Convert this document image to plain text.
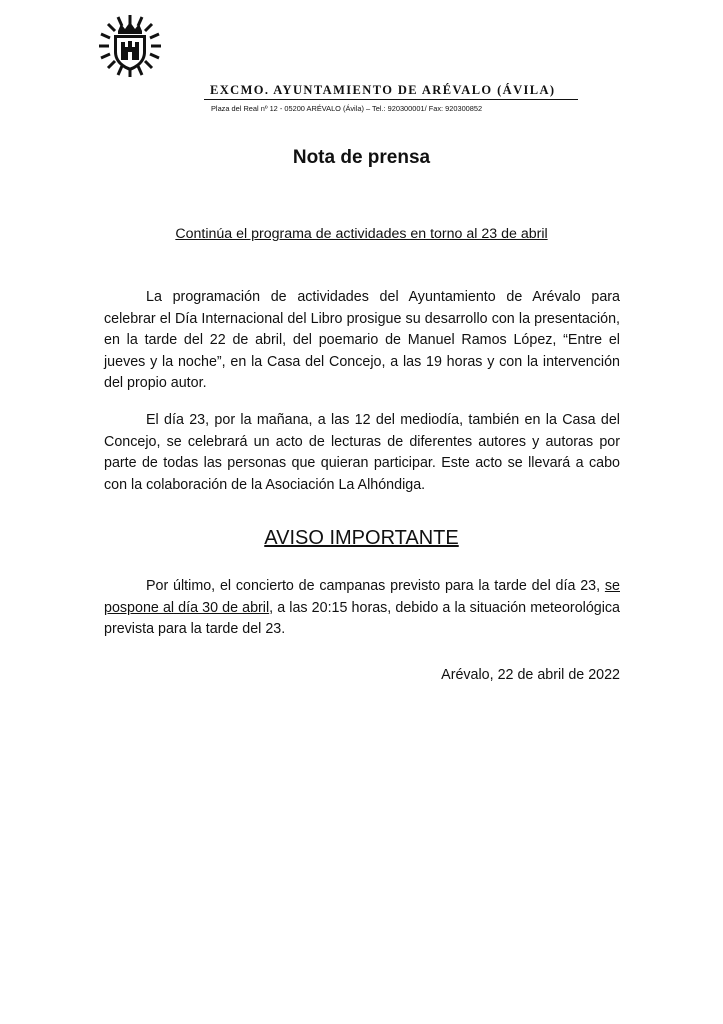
EXCMO. AYUNTAMIENTO DE ARÉVALO (ÁVILA)
Plaza del Real nº 12 - 05200 ARÉVALO (Ávila) – Tel.: 920300001/ Fax: 920300852
Nota de prensa
Continúa el programa de actividades en torno al 23 de abril

La programación de actividades del Ayuntamiento de Arévalo para celebrar el Día Internacional del Libro prosigue su desarrollo con la presentación, en la tarde del 22 de abril, del poemario de Manuel Ramos López, “Entre el jueves y la noche”, en la Casa del Concejo, a las 19 horas y con la intervención del propio autor.

El día 23, por la mañana, a las 12 del mediodía, también en la Casa del Concejo, se celebrará un acto de lecturas de diferentes autores y autoras por parte de todas las personas que quieran participar. Este acto se llevará a cabo con la colaboración de la Asociación La Alhóndiga.

AVISO IMPORTANTE

Por último, el concierto de campanas previsto para la tarde del día 23, se pospone al día 30 de abril, a las 20:15 horas, debido a la situación meteorológica prevista para la tarde del 23.

Arévalo, 22 de abril de 2022
